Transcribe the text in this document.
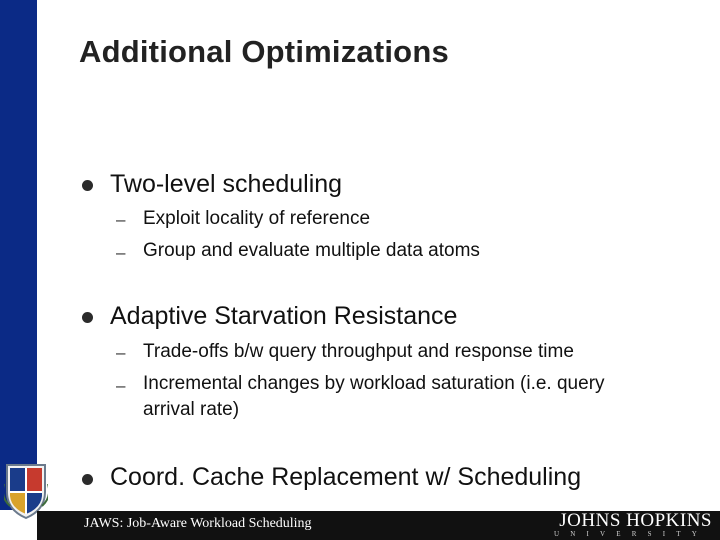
Additional Optimizations
Two-level scheduling
– Exploit locality of reference
– Group and evaluate multiple data atoms
Adaptive Starvation Resistance
– Trade-offs b/w query throughput and response time
– Incremental changes by workload saturation (i.e. query
arrival rate)
Coord. Cache Replacement w/ Scheduling
JAWS: Job-Aware Workload Scheduling	JOHNS HOPKINS
UNIVERSITY
